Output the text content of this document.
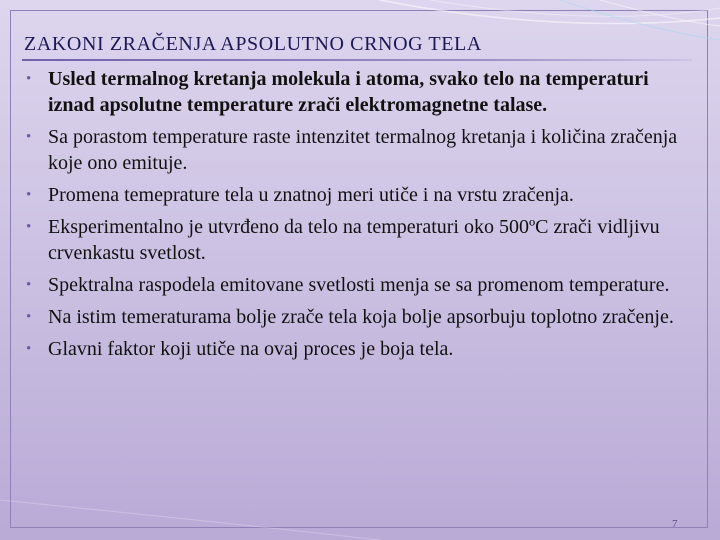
ZAKONI ZRAČENJA APSOLUTNO CRNOG TELA
• Usled termalnog kretanja molekula i atoma, svako telo na temperaturi iznad apsolutne temperature zrači elektromagnetne talase.
• Sa porastom temperature raste intenzitet termalnog kretanja i količina zračenja koje ono emituje.
• Promena temeprature tela u znatnoj meri utiče i na vrstu zračenja.
• Eksperimentalno je utvrđeno da telo na temperaturi oko 500ºC zrači vidljivu crvenkastu svetlost.
• Spektralna raspodela emitovane svetlosti menja se sa promenom temperature.
• Na istim temeraturama bolje zrače tela koja bolje apsorbuju toplotno zračenje.
• Glavni faktor koji utiče na ovaj proces je boja tela.
7
